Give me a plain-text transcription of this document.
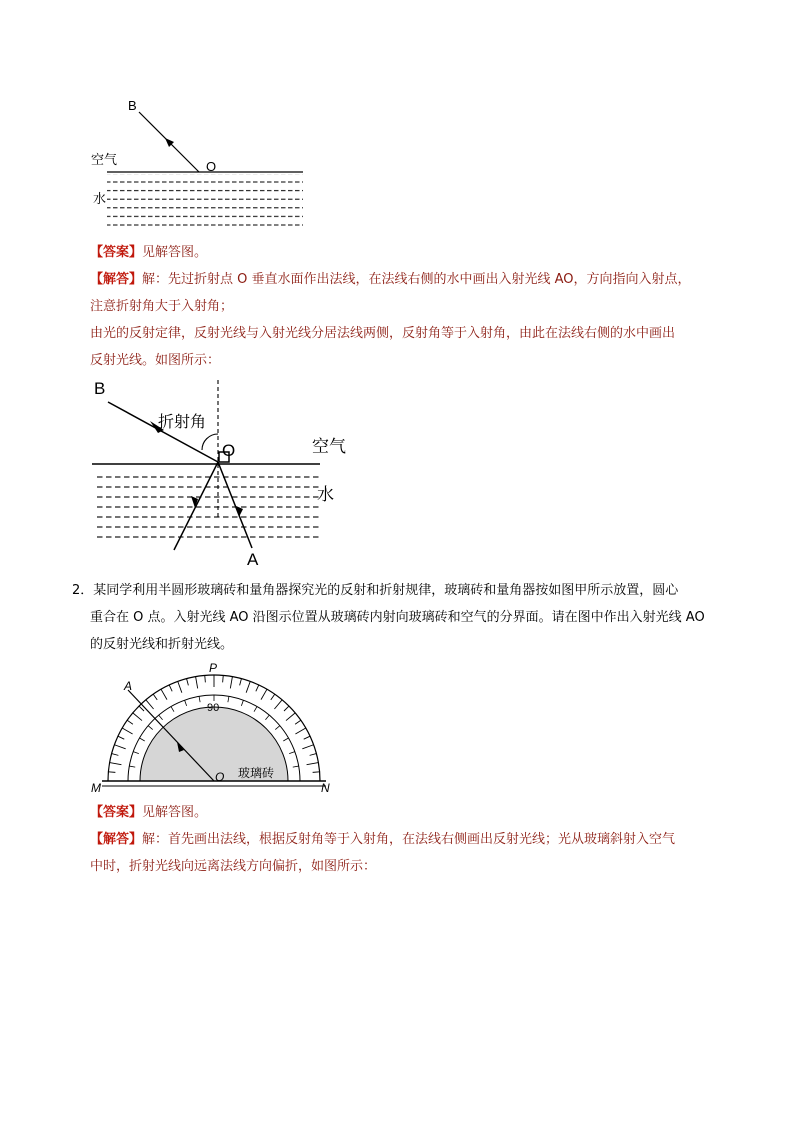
B
O
空气
水
【答案】见解答图。
【解答】解：先过折射点 O 垂直水面作出法线，在法线右侧的水中画出入射光线 AO，方向指向入射点，
注意折射角大于入射角；
由光的反射定律，反射光线与入射光线分居法线两侧，反射角等于入射角，由此在法线右侧的水中画出
反射光线。如图所示：
B
折射角
O	空气
水
A
2．某同学利用半圆形玻璃砖和量角器探究光的反射和折射规律，玻璃砖和量角器按如图甲所示放置，圆心
重合在 O 点。入射光线 AO 沿图示位置从玻璃砖内射向玻璃砖和空气的分界面。请在图中作出入射光线 AO
的反射光线和折射光线。
P
A
90
O 玻璃砖
M	N
【答案】见解答图。
【解答】解：首先画出法线，根据反射角等于入射角，在法线右侧画出反射光线；光从玻璃斜射入空气
中时，折射光线向远离法线方向偏折，如图所示：
